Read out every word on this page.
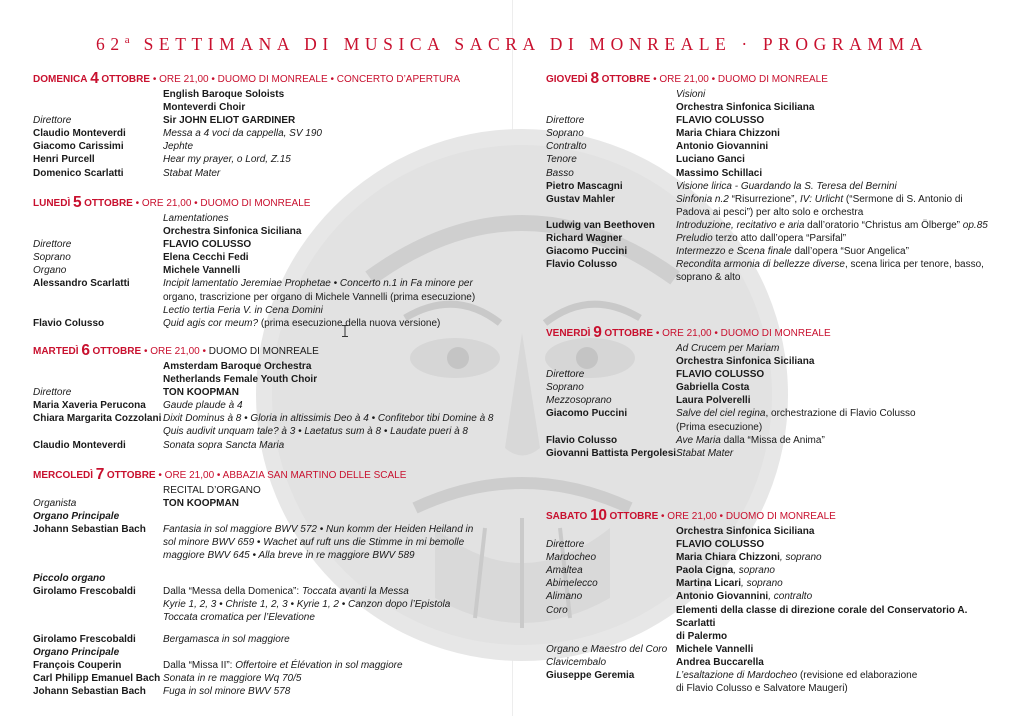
62$^a$ SETTIMANA DI MUSICA SACRA DI MONREALE · PROGRAMMA
DOMENICA 4 OTTOBRE • ORE 21,00 • DUOMO DI MONREALE • CONCERTO D’APERTURA
English Baroque Soloists
Monteverdi Choir
Direttore	Sir JOHN ELIOT GARDINER
Claudio Monteverdi	Messa a 4 voci da cappella, SV 190
Giacomo Carissimi	Jephte
Henri Purcell	Hear my prayer, o Lord, Z.15
Domenico Scarlatti	Stabat Mater
LUNEDÌ 5 OTTOBRE • ORE 21,00 • DUOMO DI MONREALE
Lamentationes
Orchestra Sinfonica Siciliana
Direttore	FLAVIO COLUSSO
Soprano	Elena Cecchi Fedi
Organo	Michele Vannelli
Alessandro Scarlatti	Incipit lamentatio Jeremiae Prophetae • Concerto n.1 in Fa minore per
organo, trascrizione per organo di Michele Vannelli (prima esecuzione)
Lectio tertia Feria V. in Cena Domini
Flavio Colusso	Quid agis cor meum? (prima esecuzione della nuova versione)
MARTEDÌ 6 OTTOBRE • ORE 21,00 • DUOMO DI MONREALE
Amsterdam Baroque Orchestra
Netherlands Female Youth Choir
Direttore	TON KOOPMAN
Maria Xaveria Perucona	Gaude plaude à 4
Chiara Margarita Cozzolani Dixit Dominus à 8 • Gloria in altissimis Deo à 4 • Confitebor tibi Domine à 8
Quis audivit unquam tale? à 3 • Laetatus sum à 8 • Laudate pueri à 8
Claudio Monteverdi	Sonata sopra Sancta Maria
MERCOLEDÌ 7 OTTOBRE • ORE 21,00 • ABBAZIA SAN MARTINO DELLE SCALE
RECITAL D’ORGANO
Organista	TON KOOPMAN
Organo Principale
Johann Sebastian Bach	Fantasia in sol maggiore BWV 572 • Nun komm der Heiden Heiland in
sol minore BWV 659 • Wachet auf ruft uns die Stimme in mi bemolle
maggiore BWV 645 • Alla breve in re maggiore BWV 589
Piccolo organo
Girolamo Frescobaldi	Dalla “Messa della Domenica”: Toccata avanti la Messa
Kyrie 1, 2, 3 • Christe 1, 2, 3 • Kyrie 1, 2 • Canzon dopo l’Epistola
Toccata cromatica per l’Elevatione
Girolamo Frescobaldi	Bergamasca in sol maggiore
Organo Principale
François Couperin	Dalla “Missa II”: Offertoire et Élévation in sol maggiore
Carl Philipp Emanuel Bach Sonata in re maggiore Wq 70/5
Johann Sebastian Bach	Fuga in sol minore BWV 578
GIOVEDÌ 8 OTTOBRE • ORE 21,00 • DUOMO DI MONREALE
Visioni
Orchestra Sinfonica Siciliana
Direttore	FLAVIO COLUSSO
Soprano	Maria Chiara Chizzoni
Contralto	Antonio Giovannini
Tenore	Luciano Ganci
Basso	Massimo Schillaci
Pietro Mascagni	Visione lirica - Guardando la S. Teresa del Bernini
Gustav Mahler	Sinfonia n.2 “Risurrezione”, IV: Urlicht (“Sermone di S. Antonio di
Padova ai pesci”) per alto solo e orchestra
Ludwig van Beethoven	Introduzione, recitativo e aria dall’oratorio “Christus am Ölberge” op.85
Richard Wagner	Preludio terzo atto dall’opera “Parsifal”
Giacomo Puccini	Intermezzo e Scena finale dall’opera “Suor Angelica”
Flavio Colusso	Recondita armonia di bellezze diverse, scena lirica per tenore, basso,
soprano & alto
VENERDÌ 9 OTTOBRE • ORE 21,00 • DUOMO DI MONREALE
Ad Crucem per Mariam
Orchestra Sinfonica Siciliana
Direttore	FLAVIO COLUSSO
Soprano	Gabriella Costa
Mezzosoprano	Laura Polverelli
Giacomo Puccini	Salve del ciel regina, orchestrazione di Flavio Colusso
(Prima esecuzione)
Flavio Colusso	Ave Maria dalla “Missa de Anima”
Giovanni Battista Pergolesi Stabat Mater
SABATO 10 OTTOBRE • ORE 21,00 • DUOMO DI MONREALE
Orchestra Sinfonica Siciliana
Direttore	FLAVIO COLUSSO
Mardocheo	Maria Chiara Chizzoni, soprano
Amaltea	Paola Cigna, soprano
Abimelecco	Martina Licari, soprano
Alimano	Antonio Giovannini, contralto
Coro	Elementi della classe di direzione corale del Conservatorio A. Scarlatti
di Palermo
Organo e Maestro del Coro Michele Vannelli
Clavicembalo	Andrea Buccarella
Giuseppe Geremia	L’esaltazione di Mardocheo (revisione ed elaborazione
di Flavio Colusso e Salvatore Maugeri)
